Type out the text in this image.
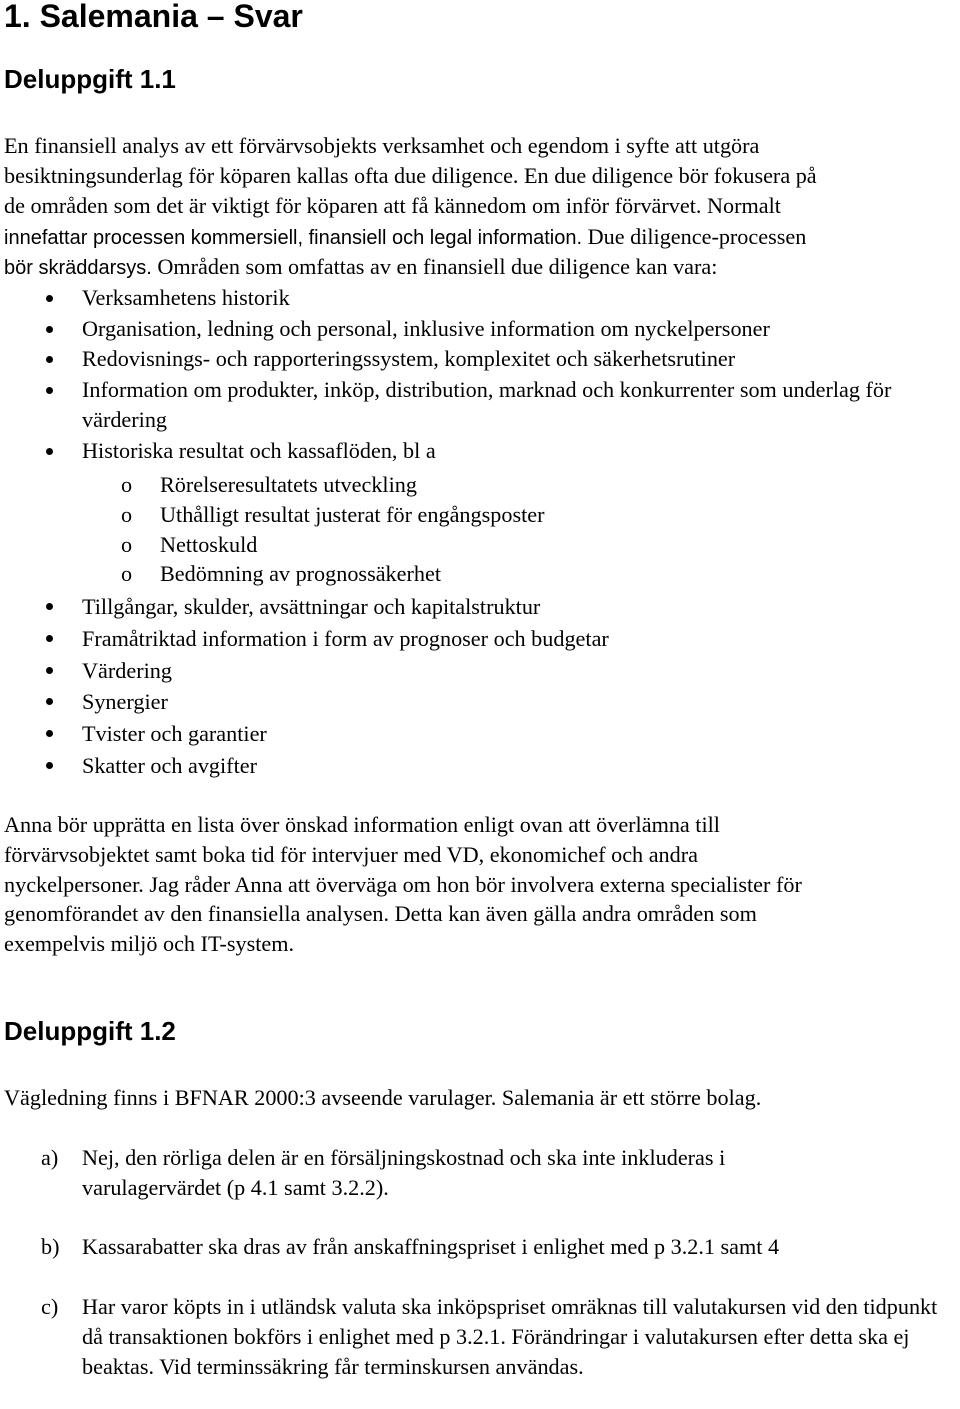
1. Salemania – Svar
Deluppgift 1.1
En finansiell analys av ett förvärvsobjekts verksamhet och egendom i syfte att utgöra
besiktningsunderlag för köparen kallas ofta due diligence. En due diligence bör fokusera på
de områden som det är viktigt för köparen att få kännedom om inför förvärvet. Normalt
innefattar processen kommersiell, finansiell och legal information. Due diligence-processen
bör skräddarsys. Områden som omfattas av en finansiell due diligence kan vara:
Verksamhetens historik
Organisation, ledning och personal, inklusive information om nyckelpersoner
Redovisnings- och rapporteringssystem, komplexitet och säkerhetsrutiner
Information om produkter, inköp, distribution, marknad och konkurrenter som underlag för värdering
Historiska resultat och kassaflöden, bl a
o Rörelseresultatets utveckling
o Uthålligt resultat justerat för engångsposter
o Nettoskuld
o Bedömning av prognossäkerhet
Tillgångar, skulder, avsättningar och kapitalstruktur
Framåtriktad information i form av prognoser och budgetar
Värdering
Synergier
Tvister och garantier
Skatter och avgifter
Anna bör upprätta en lista över önskad information enligt ovan att överlämna till
förvärvsobjektet samt boka tid för intervjuer med VD, ekonomichef och andra
nyckelpersoner. Jag råder Anna att överväga om hon bör involvera externa specialister för
genomförandet av den finansiella analysen. Detta kan även gälla andra områden som
exempelvis miljö och IT-system.
Deluppgift 1.2
Vägledning finns i BFNAR 2000:3 avseende varulager. Salemania är ett större bolag.
a) Nej, den rörliga delen är en försäljningskostnad och ska inte inkluderas i varulagervärdet (p 4.1 samt 3.2.2).
b) Kassarabatter ska dras av från anskaffningspriset i enlighet med p 3.2.1 samt 4
c) Har varor köpts in i utländsk valuta ska inköpspriset omräknas till valutakursen vid den tidpunkt då transaktionen bokförs i enlighet med p 3.2.1. Förändringar i valutakursen efter detta ska ej beaktas. Vid terminssäkring får terminskursen användas.
